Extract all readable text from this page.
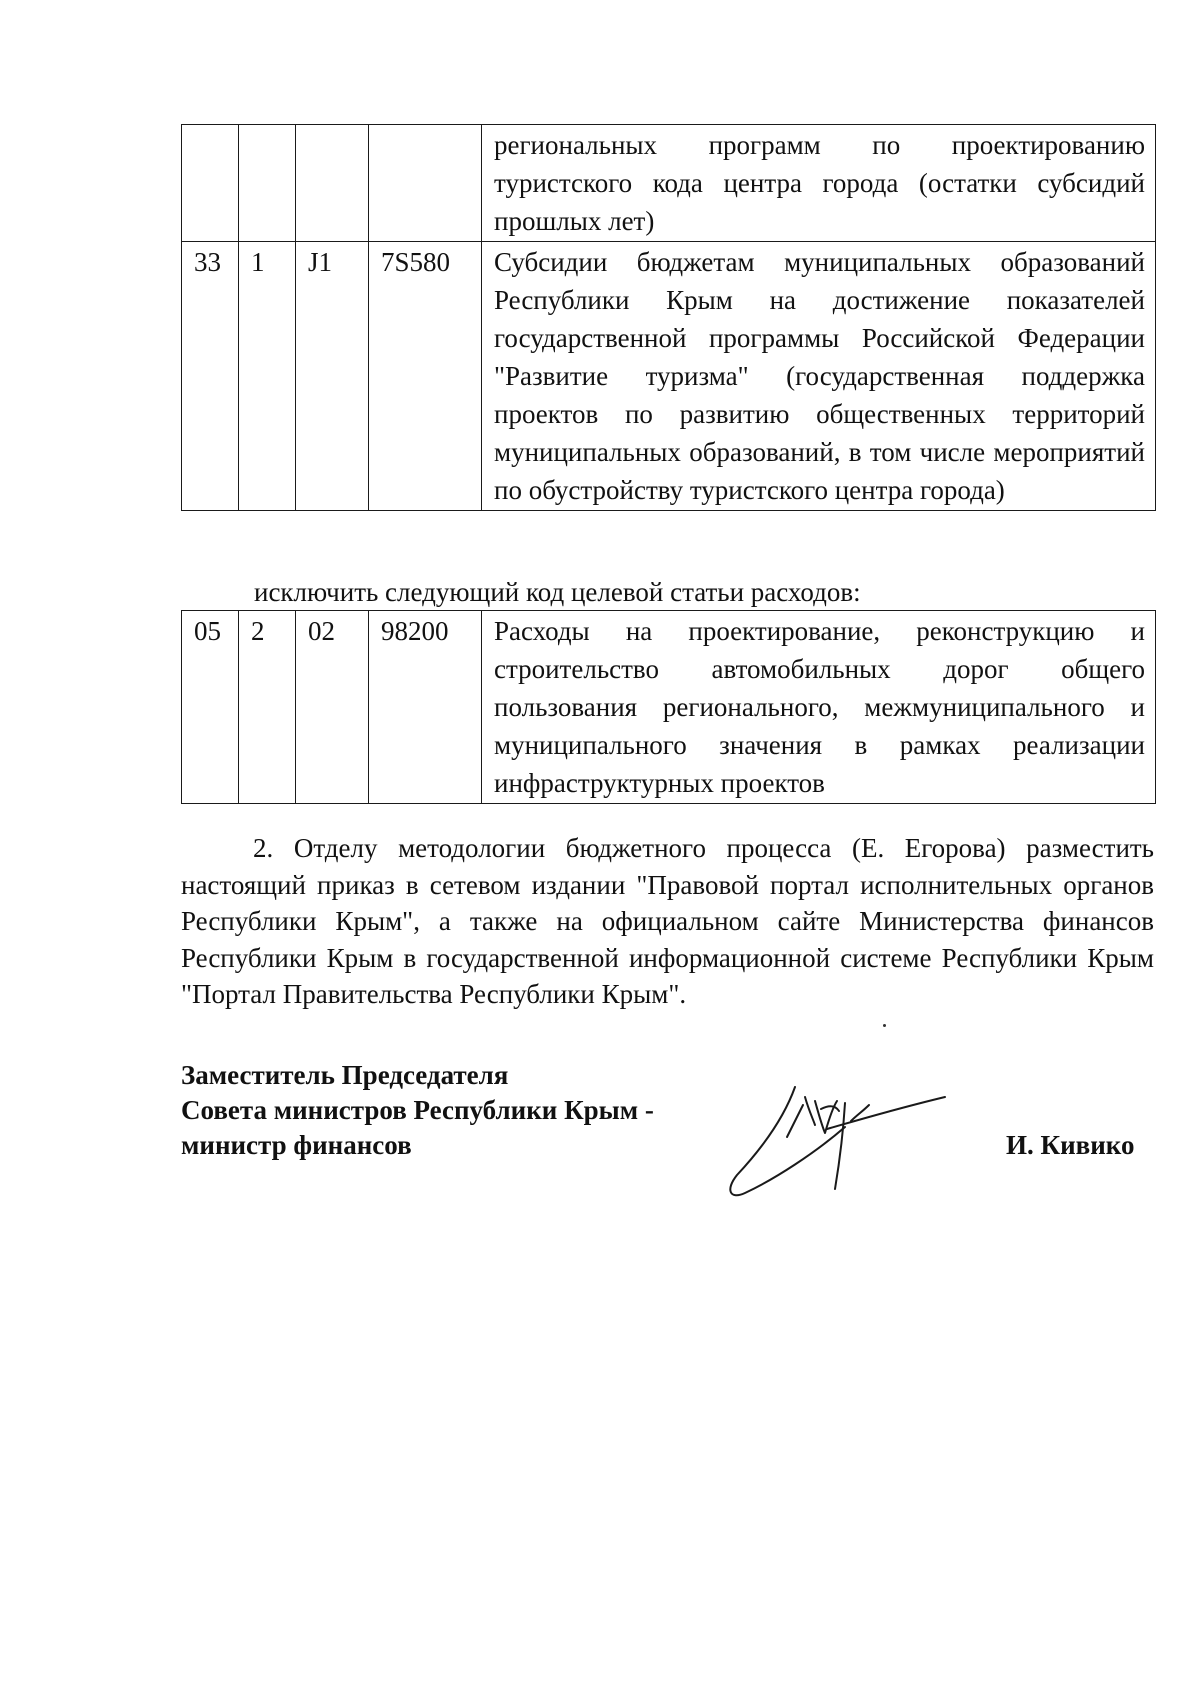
				региональных программ по проектированию туристского кода центра города (остатки субсидий прошлых лет)
33	1	J1	7S580	Субсидии бюджетам муниципальных образований Республики Крым на достижение показателей государственной программы Российской Федерации "Развитие туризма" (государственная поддержка проектов по развитию общественных территорий муниципальных образований, в том числе мероприятий по обустройству туристского центра города)
исключить следующий код целевой статьи расходов:
05	2	02	98200	Расходы на проектирование, реконструкцию и строительство автомобильных дорог общего пользования регионального, межмуниципального и муниципального значения в рамках реализации инфраструктурных проектов

2. Отделу методологии бюджетного процесса (Е. Егорова) разместить настоящий приказ в сетевом издании "Правовой портал исполнительных органов Республики Крым", а также на официальном сайте Министерства финансов Республики Крым в государственной информационной системе Республики Крым "Портал Правительства Республики Крым".

Заместитель Председателя
Совета министров Республики Крым -
министр финансов	И. Кивико
